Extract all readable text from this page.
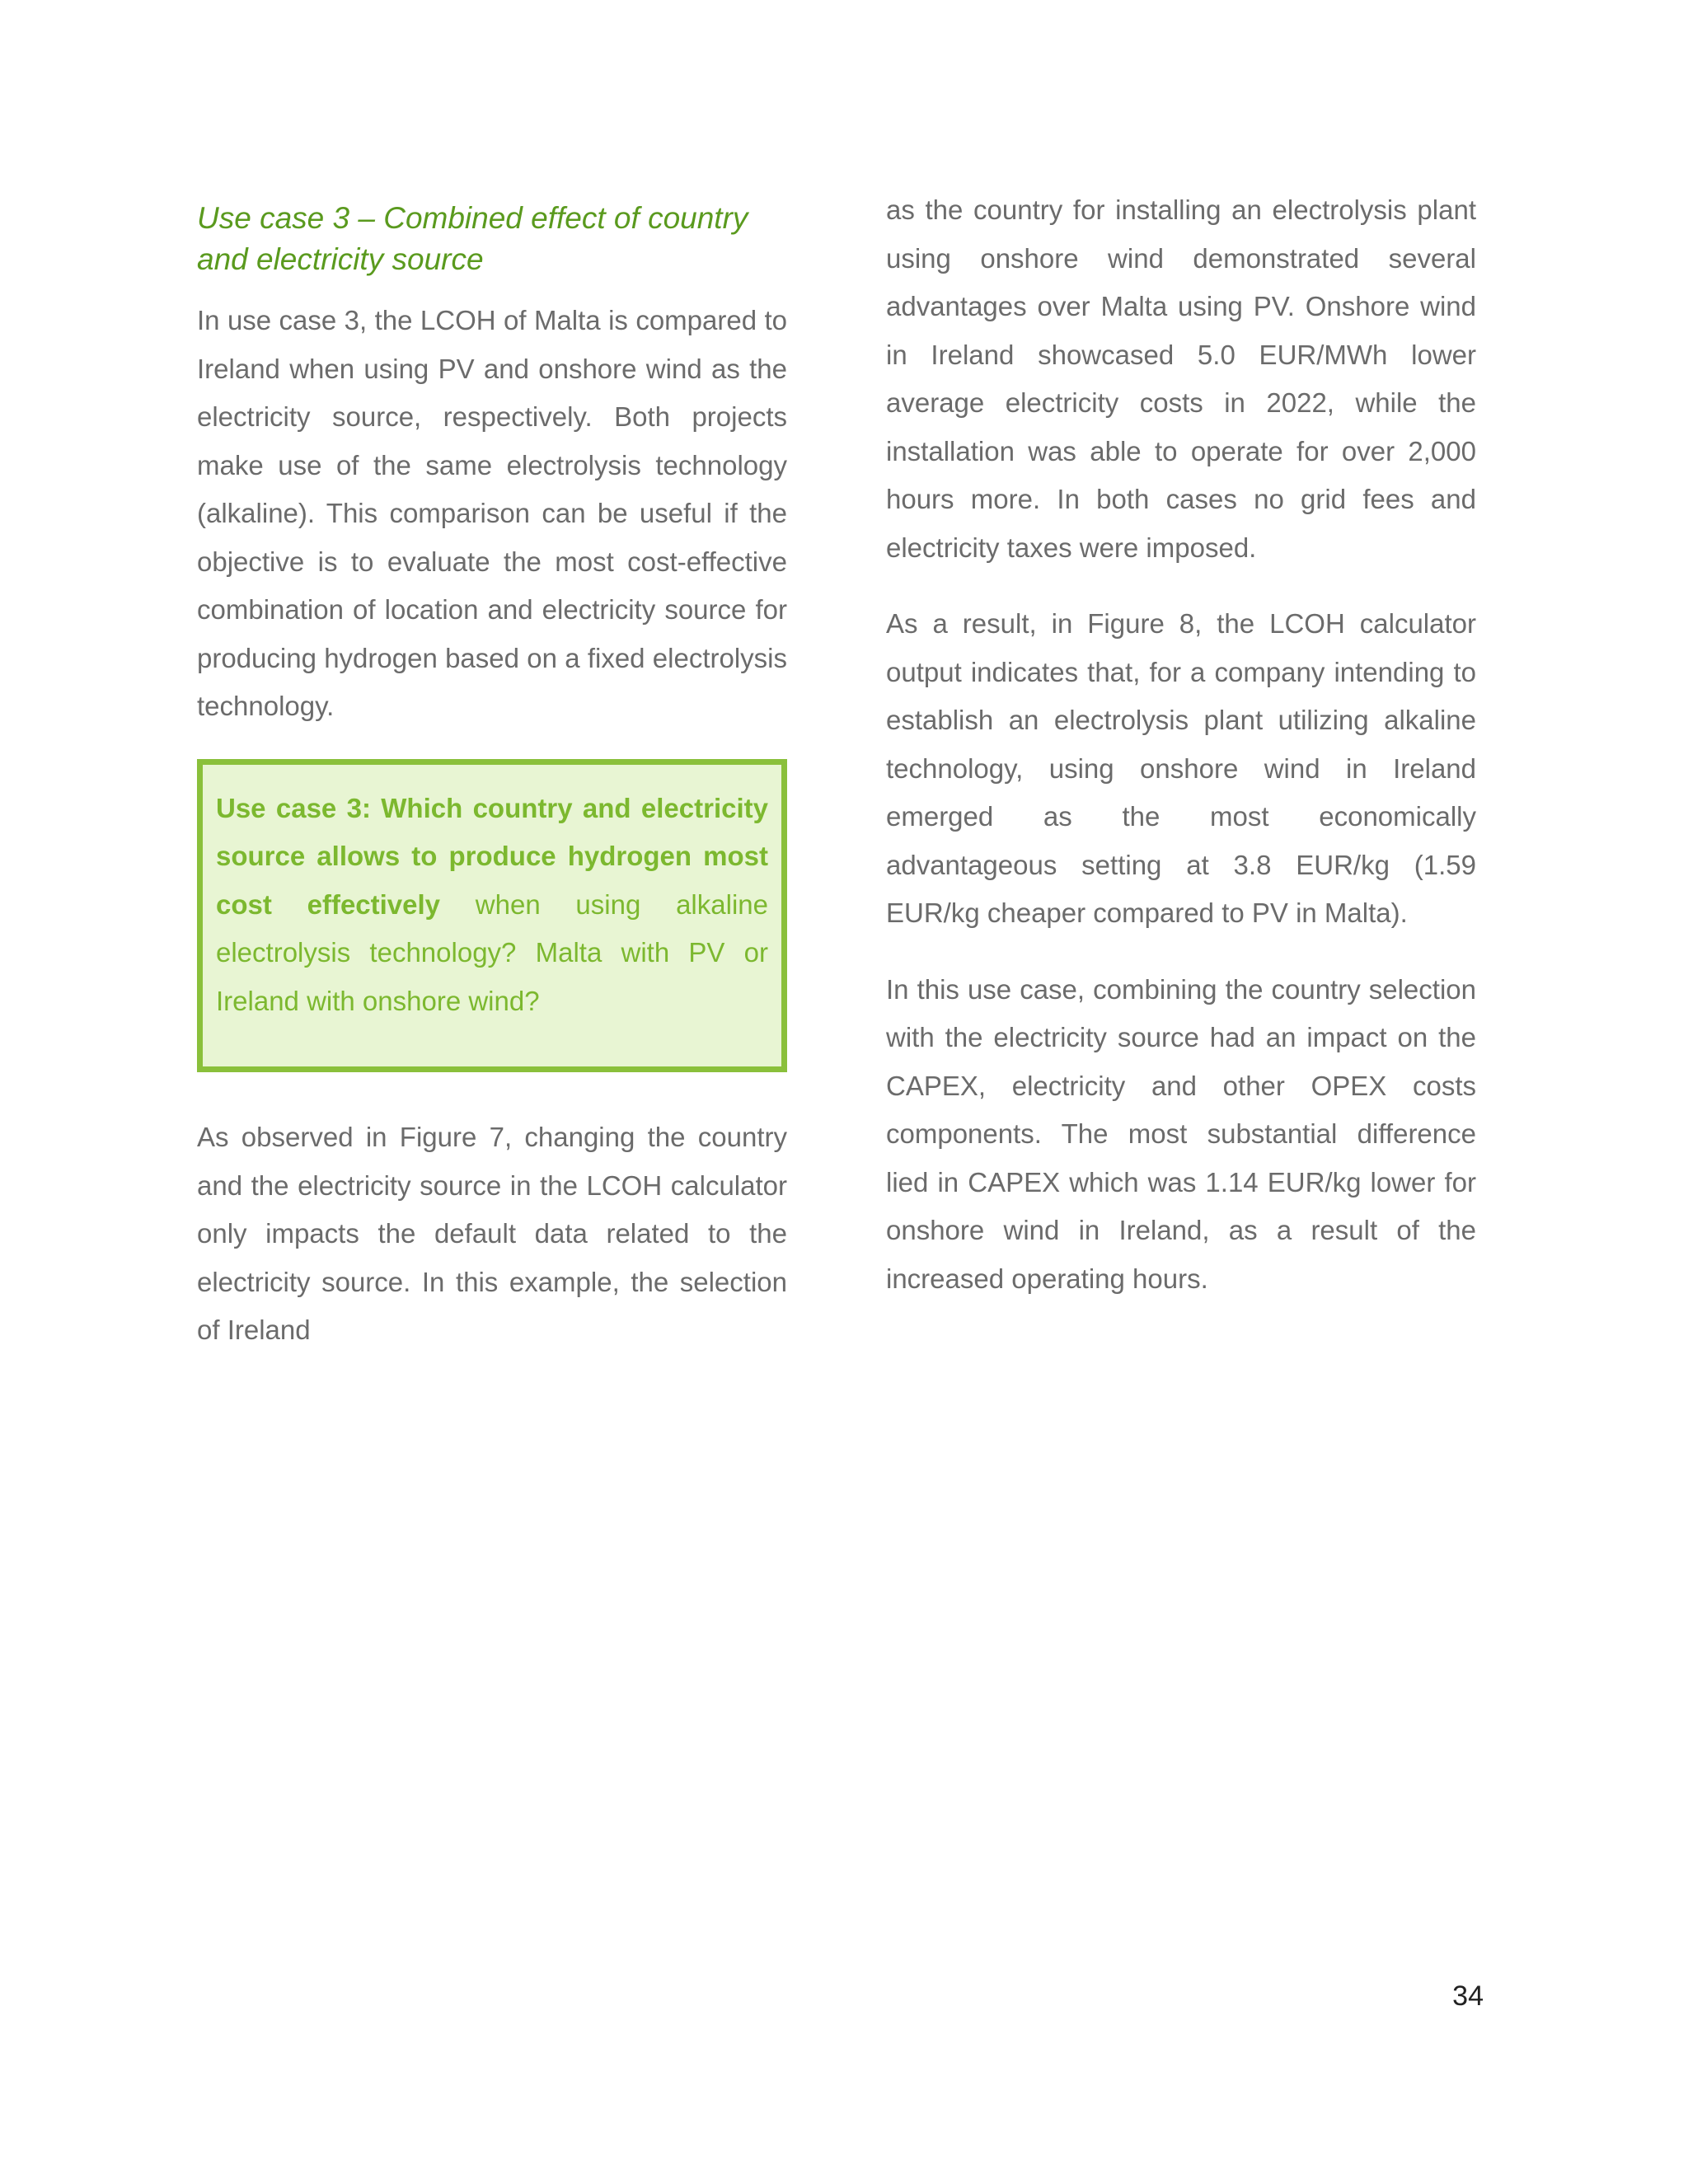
Use case 3 – Combined effect of country and electricity source

In use case 3, the LCOH of Malta is compared to Ireland when using PV and onshore wind as the electricity source, respectively. Both projects make use of the same electrolysis technology (alkaline). This comparison can be useful if the objective is to evaluate the most cost-effective combination of location and electricity source for producing hydrogen based on a fixed electrolysis technology.

Use case 3: Which country and electricity source allows to produce hydrogen most cost effectively when using alkaline electrolysis technology? Malta with PV or Ireland with onshore wind?

As observed in Figure 7, changing the country and the electricity source in the LCOH calculator only impacts the default data related to the electricity source. In this example, the selection of Ireland

as the country for installing an electrolysis plant using onshore wind demonstrated several advantages over Malta using PV. Onshore wind in Ireland showcased 5.0 EUR/MWh lower average electricity costs in 2022, while the installation was able to operate for over 2,000 hours more. In both cases no grid fees and electricity taxes were imposed.

As a result, in Figure 8, the LCOH calculator output indicates that, for a company intending to establish an electrolysis plant utilizing alkaline technology, using onshore wind in Ireland emerged as the most economically advantageous setting at 3.8 EUR/kg (1.59 EUR/kg cheaper compared to PV in Malta).

In this use case, combining the country selection with the electricity source had an impact on the CAPEX, electricity and other OPEX costs components. The most substantial difference lied in CAPEX which was 1.14 EUR/kg lower for onshore wind in Ireland, as a result of the increased operating hours.

34
